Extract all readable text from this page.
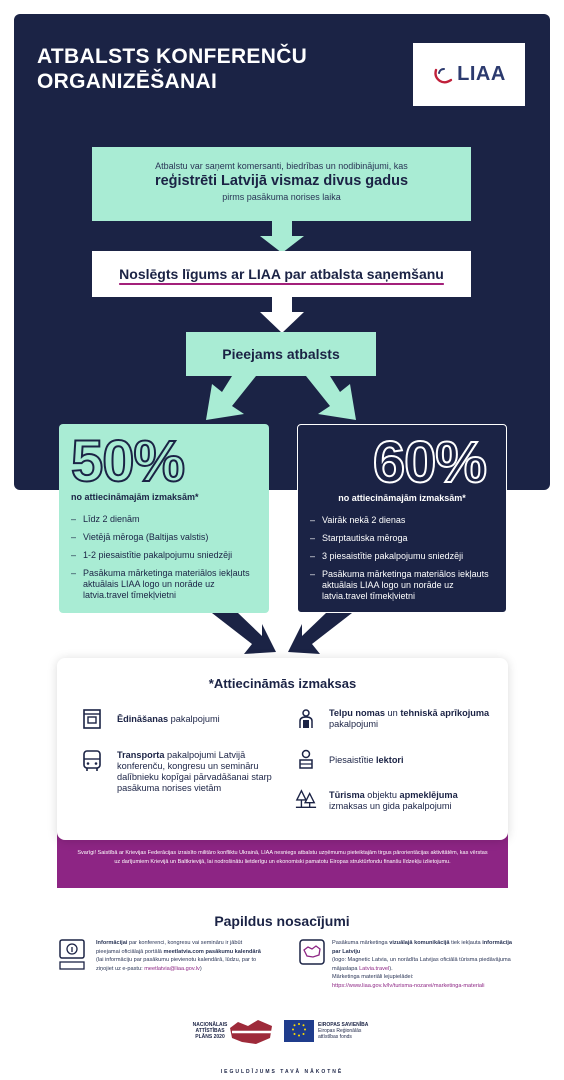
ATBALSTS KONFERENČU
ORGANIZĒŠANAI	LIAA
Atbalstu var saņemt komersanti, biedrības un nodibinājumi, kas
reģistrēti Latvijā vismaz divus gadus
pirms pasākuma norises laika
Noslēgts līgums ar LIAA par atbalsta saņemšanu
Pieejams atbalsts
50%
no attiecināmajām izmaksām*
– Līdz 2 dienām
– Vietējā mēroga (Baltijas valstis)
– 1-2 piesaistītie pakalpojumu sniedzēji
– Pasākuma mārketinga materiālos iekļauts aktuālais LIAA logo un norāde uz latvia.travel tīmekļvietni
60%
no attiecināmajām izmaksām*
– Vairāk nekā 2 dienas
– Starptautiska mēroga
– 3 piesaistītie pakalpojumu sniedzēji
– Pasākuma mārketinga materiālos iekļauts aktuālais LIAA logo un norāde uz latvia.travel tīmekļvietni
Svarīgi! Saistībā ar Krievijas Federācijas izraisīto militāro konfliktu Ukrainā, LIAA nesniegs atbalstu uzņēmumu pieteiktajām tirgus pārorientācijas aktivitātēm, kas vērstas uz darījumiem Krievijā un Baltkrievijā, lai nodrošinātu lietderīgu un ekonomiski pamatotu Eiropas struktūrfondu finanšu līdzekļu izlietojumu.
*Attiecināmās izmaksas
Ēdināšanas pakalpojumi
Transporta pakalpojumi Latvijā konferenču, kongresu un semināru dalībnieku kopīgai pārvadāšanai starp pasākuma norises vietām
Telpu nomas un tehniskā aprīkojuma pakalpojumi
Piesaistītie lektori
Tūrisma objektu apmeklējuma izmaksas un gida pakalpojumi
Papildus nosacījumi
Informācijai par konferenci, kongresu vai semināru ir jābūt pieejamai oficiālajā portālā meetlatvia.com pasākumu kalendārā
(lai informāciju par pasākumu pievienotu kalendārā, lūdzu, par to ziņojiet uz e-pastu: meetlatvia@liaa.gov.lv)
Pasākuma mārketinga vizuālajā komunikācijā tiek iekļauta informācija par Latviju
(logo: Magnetic Latvia, un norādīta Latvijas oficiālā tūrisma piedāvājuma mājaslapa Latvia.travel).
Mārketinga materiāli lejupielādei:
https://www.liaa.gov.lv/lv/turisma-nozarei/marketinga-materiali
NACIONĀLAIS
ATTĪSTĪBAS
PLĀNS 2020
EIROPAS SAVIENĪBA
Eiropas Reģionālās
attīstības fonds
IEGULDĪJUMS TAVĀ NĀKOTNĒ
